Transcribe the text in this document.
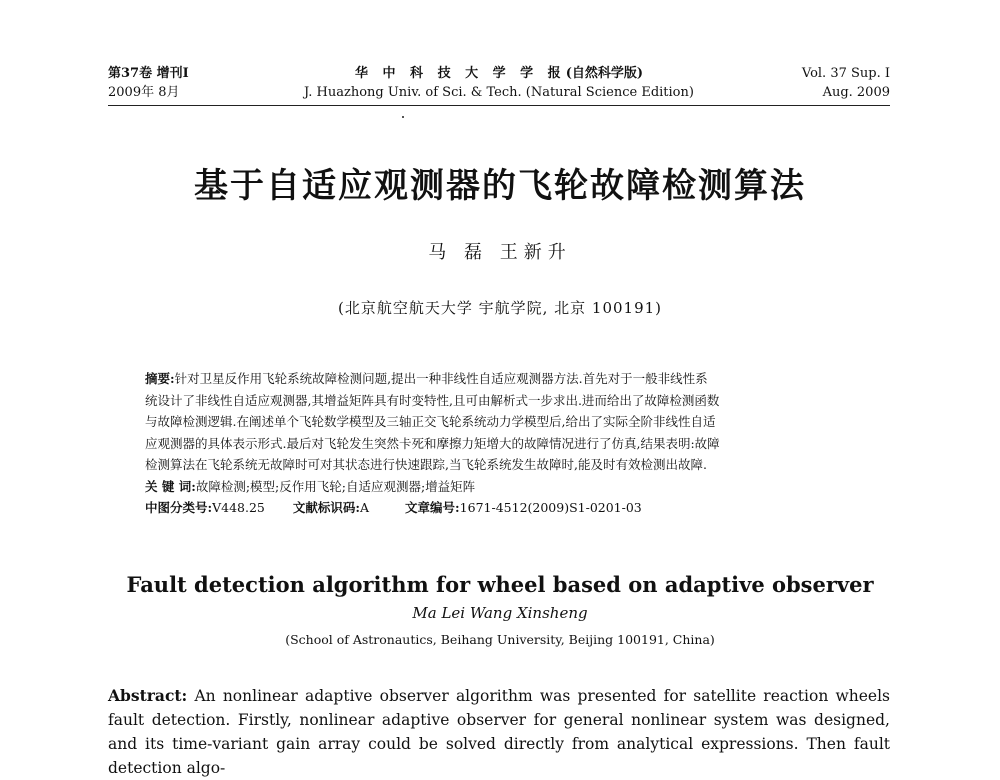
第37卷 增刊Ⅰ
2009年 8月
华 中 科 技 大 学 学 报(自然科学版)
J. Huazhong Univ. of Sci. & Tech. (Natural Science Edition)
Vol. 37 Sup. Ⅰ
Aug. 2009
基于自适应观测器的飞轮故障检测算法
马 磊 王新升
(北京航空航天大学 宇航学院, 北京 100191)
摘要:针对卫星反作用飞轮系统故障检测问题,提出一种非线性自适应观测器方法.首先对于一般非线性系
统设计了非线性自适应观测器,其增益矩阵具有时变特性,且可由解析式一步求出.进而给出了故障检测函数
与故障检测逻辑.在阐述单个飞轮数学模型及三轴正交飞轮系统动力学模型后,给出了实际全阶非线性自适
应观测器的具体表示形式.最后对飞轮发生突然卡死和摩擦力矩增大的故障情况进行了仿真,结果表明:故障
检测算法在飞轮系统无故障时可对其状态进行快速跟踪,当飞轮系统发生故障时,能及时有效检测出故障.
关 键 词:故障检测;模型;反作用飞轮;自适应观测器;增益矩阵
中图分类号:V448.25 文献标识码:A	文章编号:1671-4512(2009)S1-0201-03
Fault detection algorithm for wheel based on adaptive observer
Ma Lei Wang Xinsheng
(School of Astronautics, Beihang University, Beijing 100191, China)
Abstract: An nonlinear adaptive observer algorithm was presented for satellite reaction wheels fault detection. Firstly, nonlinear adaptive observer for general nonlinear system was designed, and its time-variant gain array could be solved directly from analytical expressions. Then fault detection algo-
